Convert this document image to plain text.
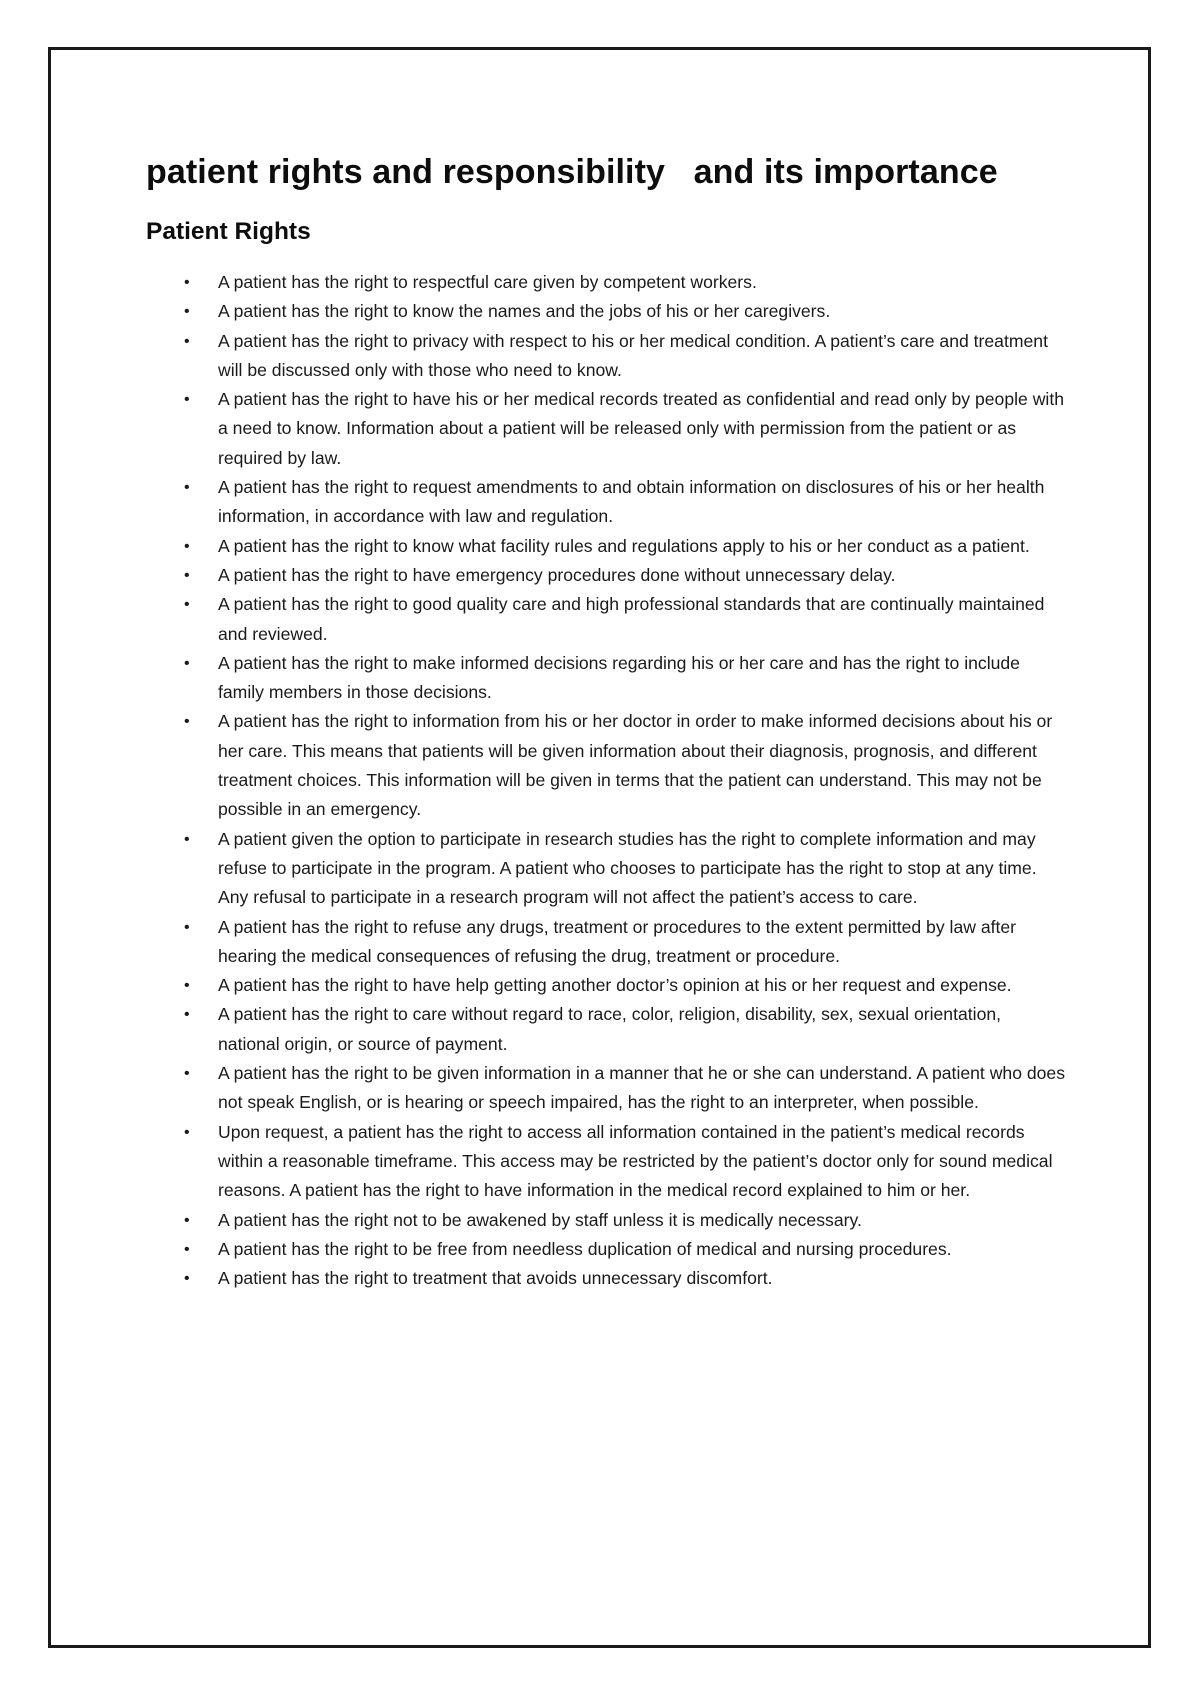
patient rights and responsibility   and its importance
Patient Rights
• A patient has the right to respectful care given by competent workers.
• A patient has the right to know the names and the jobs of his or her caregivers.
• A patient has the right to privacy with respect to his or her medical condition. A patient’s care and treatment will be discussed only with those who need to know.
• A patient has the right to have his or her medical records treated as confidential and read only by people with a need to know. Information about a patient will be released only with permission from the patient or as required by law.
• A patient has the right to request amendments to and obtain information on disclosures of his or her health information, in accordance with law and regulation.
• A patient has the right to know what facility rules and regulations apply to his or her conduct as a patient.
• A patient has the right to have emergency procedures done without unnecessary delay.
• A patient has the right to good quality care and high professional standards that are continually maintained and reviewed.
• A patient has the right to make informed decisions regarding his or her care and has the right to include family members in those decisions.
• A patient has the right to information from his or her doctor in order to make informed decisions about his or her care. This means that patients will be given information about their diagnosis, prognosis, and different treatment choices. This information will be given in terms that the patient can understand. This may not be possible in an emergency.
• A patient given the option to participate in research studies has the right to complete information and may refuse to participate in the program. A patient who chooses to participate has the right to stop at any time. Any refusal to participate in a research program will not affect the patient’s access to care.
• A patient has the right to refuse any drugs, treatment or procedures to the extent permitted by law after hearing the medical consequences of refusing the drug, treatment or procedure.
• A patient has the right to have help getting another doctor’s opinion at his or her request and expense.
• A patient has the right to care without regard to race, color, religion, disability, sex, sexual orientation, national origin, or source of payment.
• A patient has the right to be given information in a manner that he or she can understand. A patient who does not speak English, or is hearing or speech impaired, has the right to an interpreter, when possible.
• Upon request, a patient has the right to access all information contained in the patient’s medical records within a reasonable timeframe. This access may be restricted by the patient’s doctor only for sound medical reasons. A patient has the right to have information in the medical record explained to him or her.
• A patient has the right not to be awakened by staff unless it is medically necessary.
• A patient has the right to be free from needless duplication of medical and nursing procedures.
• A patient has the right to treatment that avoids unnecessary discomfort.
